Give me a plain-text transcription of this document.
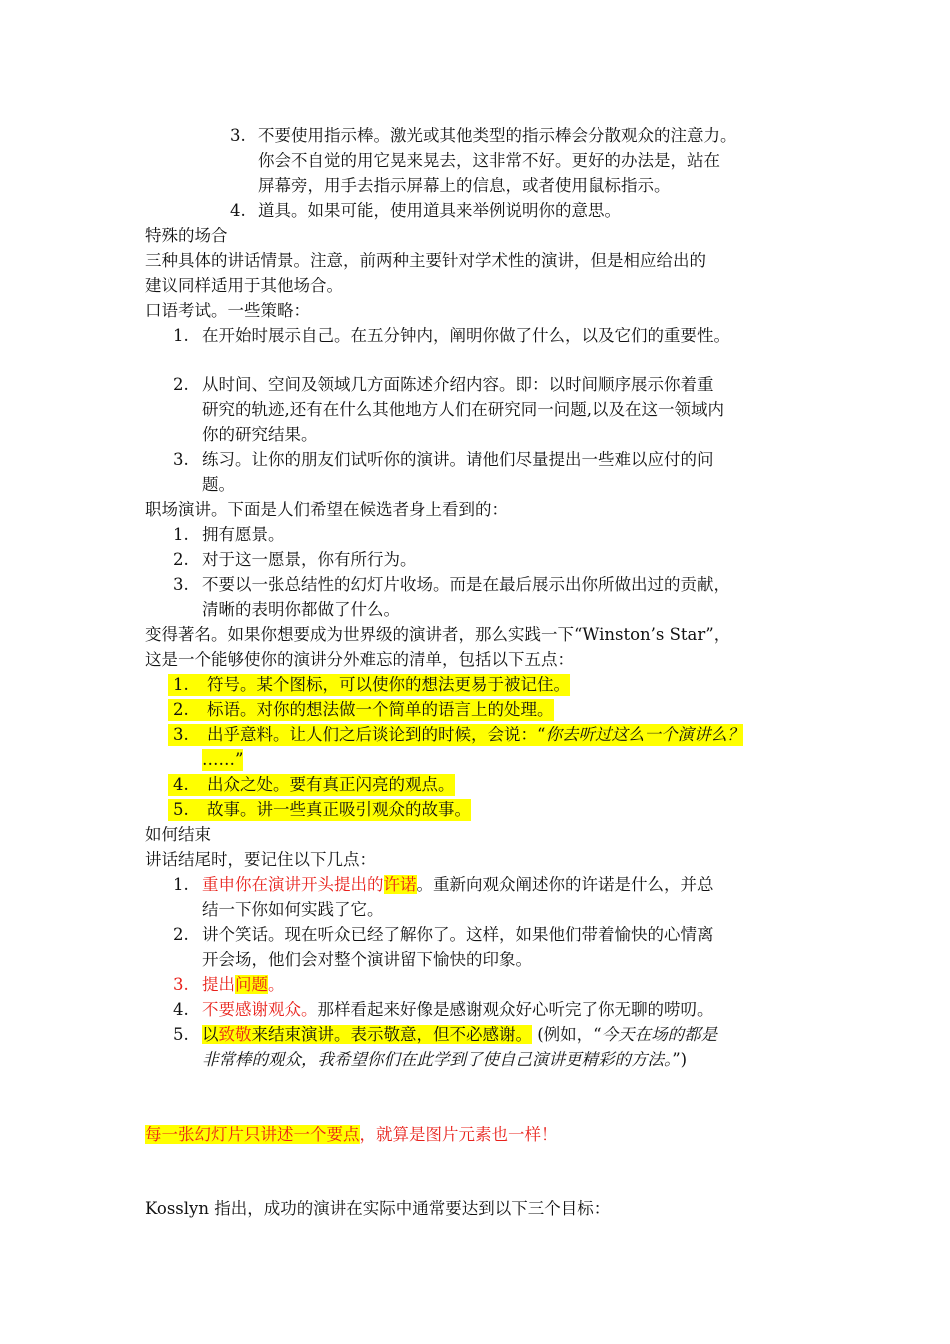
3. 不要使用指示棒。激光或其他类型的指示棒会分散观众的注意力。
你会不自觉的用它晃来晃去，这非常不好。更好的办法是，站在
屏幕旁，用手去指示屏幕上的信息，或者使用鼠标指示。
4. 道具。如果可能，使用道具来举例说明你的意思。
特殊的场合
三种具体的讲话情景。注意，前两种主要针对学术性的演讲，但是相应给出的
建议同样适用于其他场合。
口语考试。一些策略：
1. 在开始时展示自己。在五分钟内，阐明你做了什么，以及它们的重要性。
2. 从时间、空间及领域几方面陈述介绍内容。即：以时间顺序展示你着重
研究的轨迹,还有在什么其他地方人们在研究同一问题,以及在这一领域内
你的研究结果。
3. 练习。让你的朋友们试听你的演讲。请他们尽量提出一些难以应付的问
题。
职场演讲。下面是人们希望在候选者身上看到的：
1. 拥有愿景。
2. 对于这一愿景，你有所行为。
3. 不要以一张总结性的幻灯片收场。而是在最后展示出你所做出过的贡献，
清晰的表明你都做了什么。
变得著名。如果你想要成为世界级的演讲者，那么实践一下“Winston’s Star”，
这是一个能够使你的演讲分外难忘的清单，包括以下五点：
1. 符号。某个图标，可以使你的想法更易于被记住。
2. 标语。对你的想法做一个简单的语言上的处理。
3. 出乎意料。让人们之后谈论到的时候，会说：“你去听过这么一个演讲么？
……”
4. 出众之处。要有真正闪亮的观点。
5. 故事。讲一些真正吸引观众的故事。
如何结束
讲话结尾时，要记住以下几点：
1. 重申你在演讲开头提出的许诺。重新向观众阐述你的许诺是什么，并总
结一下你如何实践了它。
2. 讲个笑话。现在听众已经了解你了。这样，如果他们带着愉快的心情离
开会场，他们会对整个演讲留下愉快的印象。
3. 提出问题。
4. 不要感谢观众。那样看起来好像是感谢观众好心听完了你无聊的唠叨。
5. 以致敬来结束演讲。表示敬意，但不必感谢。 (例如，“今天在场的都是
非常棒的观众，我希望你们在此学到了使自己演讲更精彩的方法。”)
每一张幻灯片只讲述一个要点，就算是图片元素也一样！
Kosslyn 指出，成功的演讲在实际中通常要达到以下三个目标：
